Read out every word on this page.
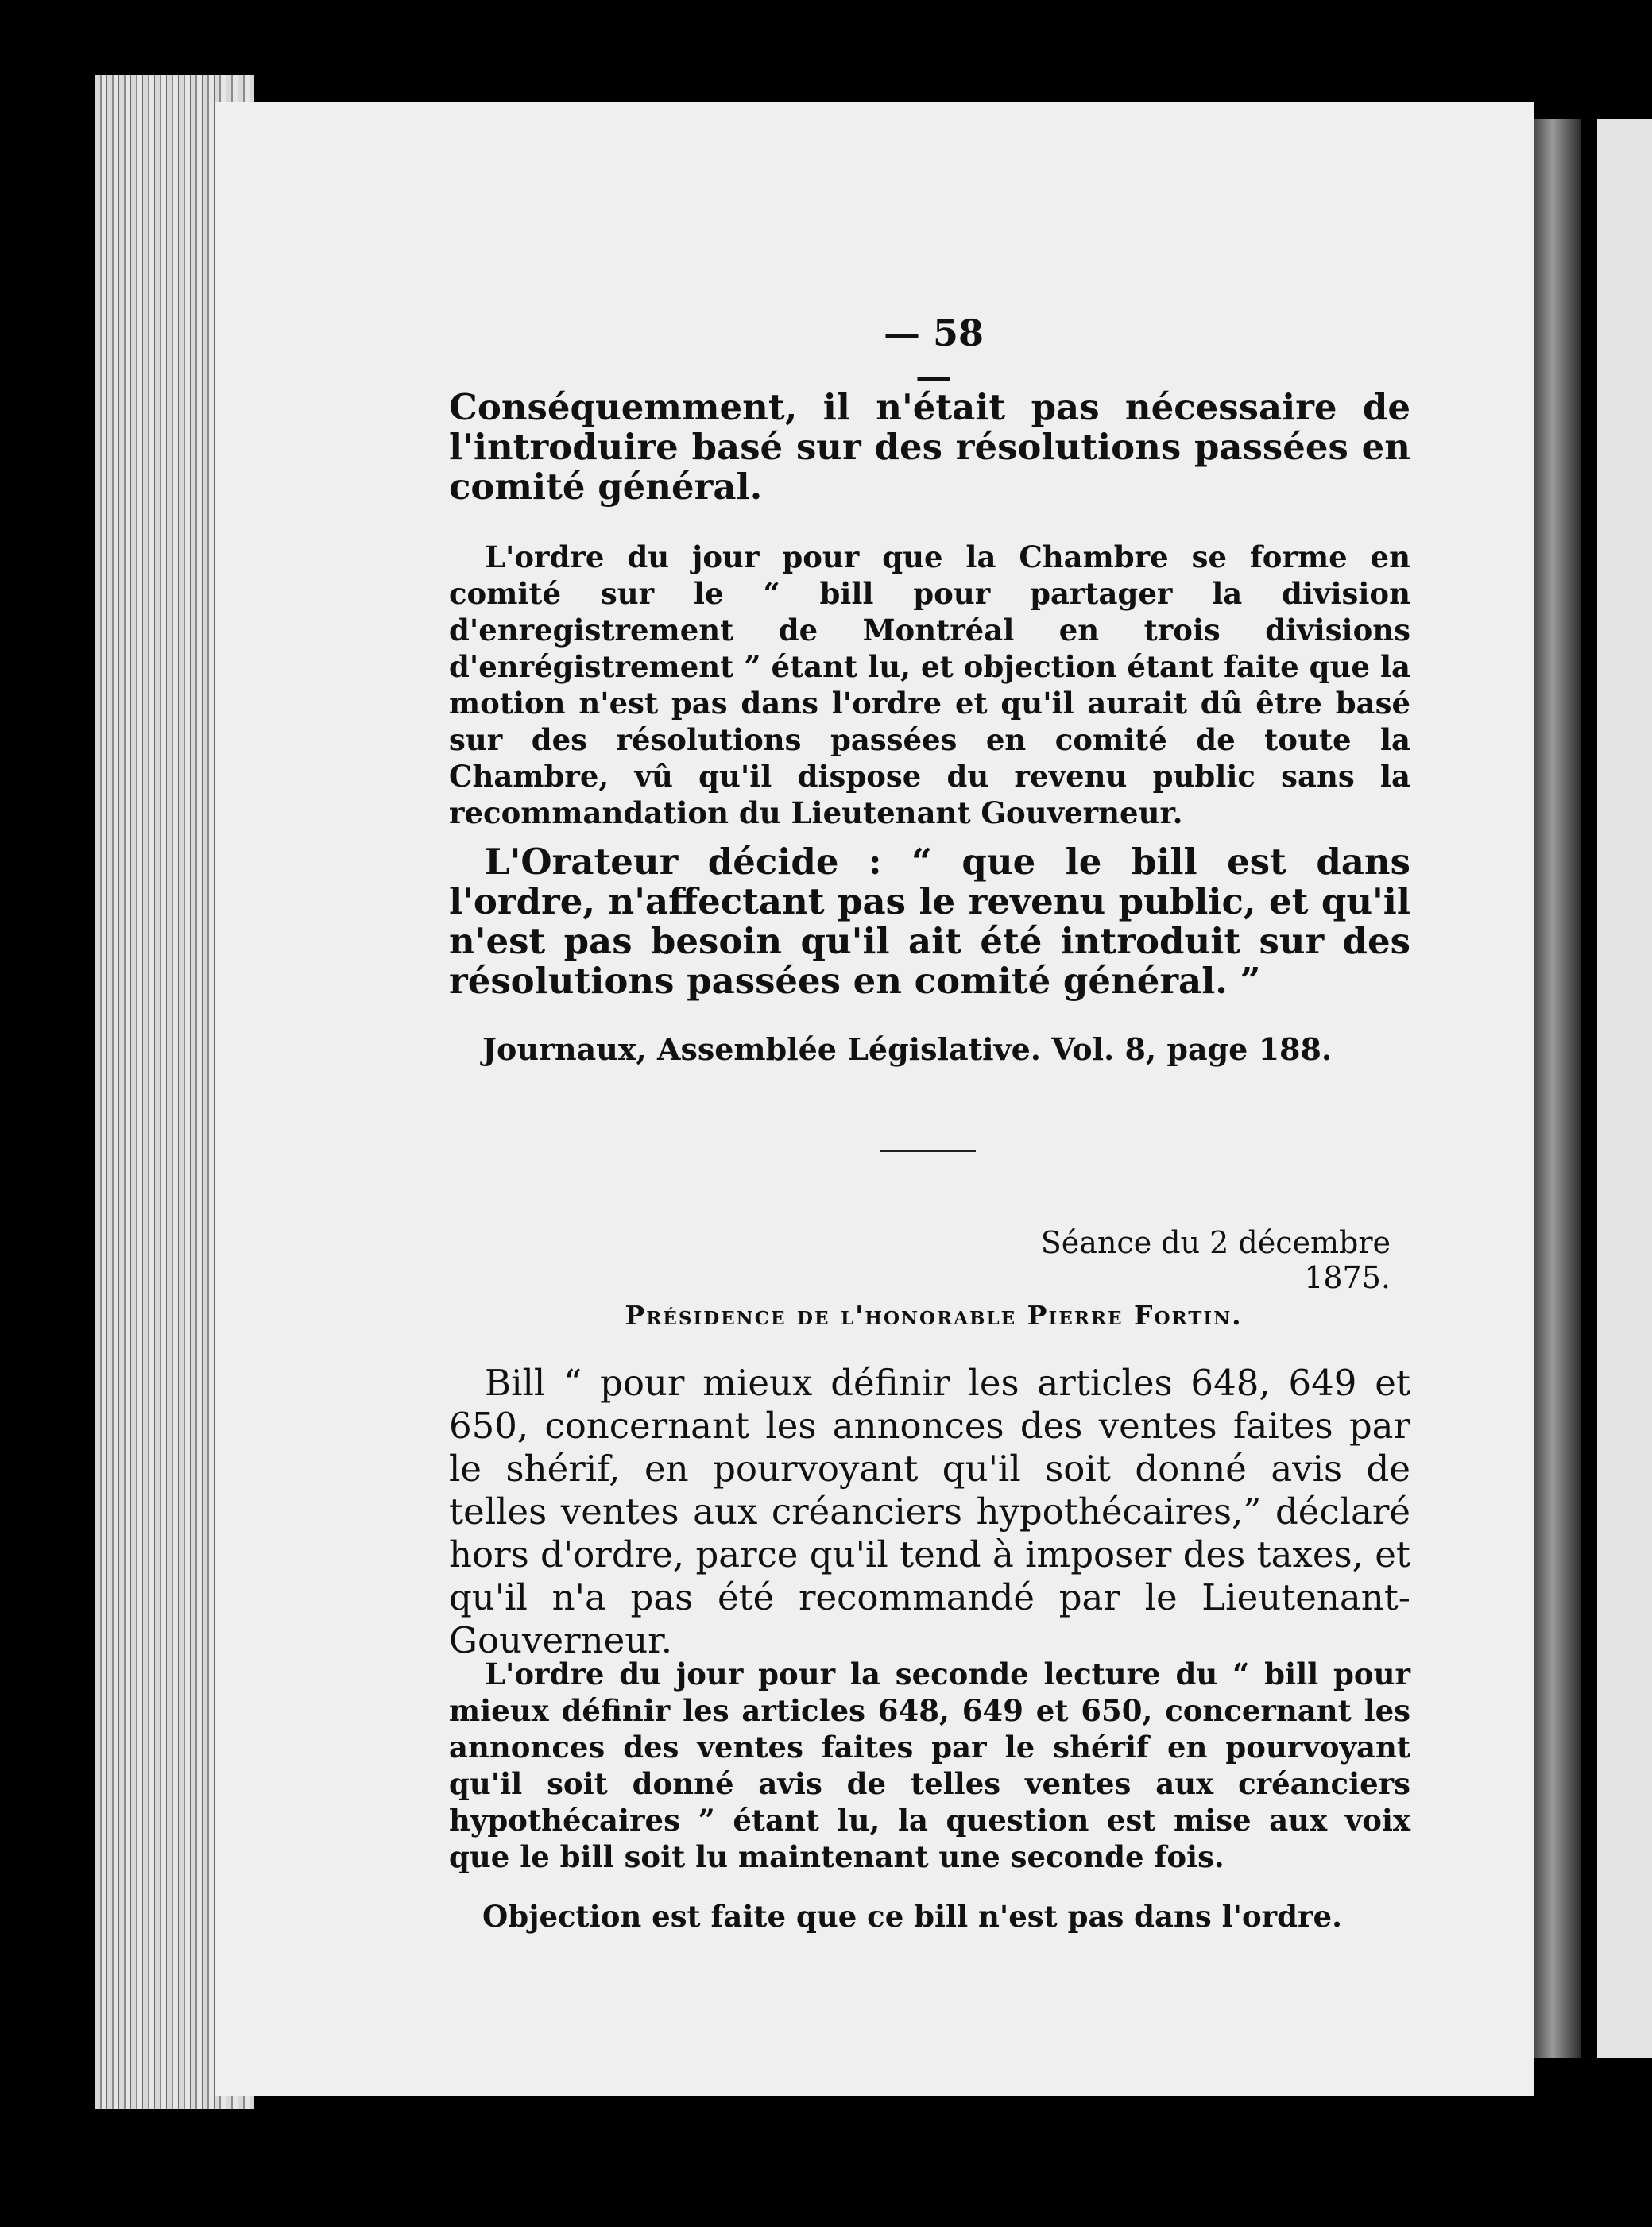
— 58 —
Conséquemment, il n'était pas nécessaire de l'introduire basé sur des résolutions passées en comité général.
L'ordre du jour pour que la Chambre se forme en comité sur le “ bill pour partager la division d'enregistrement de Montréal en trois divisions d'enrégistrement ” étant lu, et objection étant faite que la motion n'est pas dans l'ordre et qu'il aurait dû être basé sur des résolutions passées en comité de toute la Chambre, vû qu'il dispose du revenu public sans la recommandation du Lieutenant Gouverneur.
L'Orateur décide : “ que le bill est dans l'ordre, n'affectant pas le revenu public, et qu'il n'est pas besoin qu'il ait été introduit sur des résolutions passées en comité général. ”
Journaux, Assemblée Législative. Vol. 8, page 188.
Séance du 2 décembre 1875.
Présidence de l'honorable Pierre Fortin.
Bill “ pour mieux définir les articles 648, 649 et 650, concernant les annonces des ventes faites par le shérif, en pourvoyant qu'il soit donné avis de telles ventes aux créanciers hypothécaires,” déclaré hors d'ordre, parce qu'il tend à imposer des taxes, et qu'il n'a pas été recommandé par le Lieutenant-Gouverneur.
L'ordre du jour pour la seconde lecture du “ bill pour mieux définir les articles 648, 649 et 650, concernant les annonces des ventes faites par le shérif en pourvoyant qu'il soit donné avis de telles ventes aux créanciers hypothécaires ” étant lu, la question est mise aux voix que le bill soit lu maintenant une seconde fois.
Objection est faite que ce bill n'est pas dans l'ordre.
